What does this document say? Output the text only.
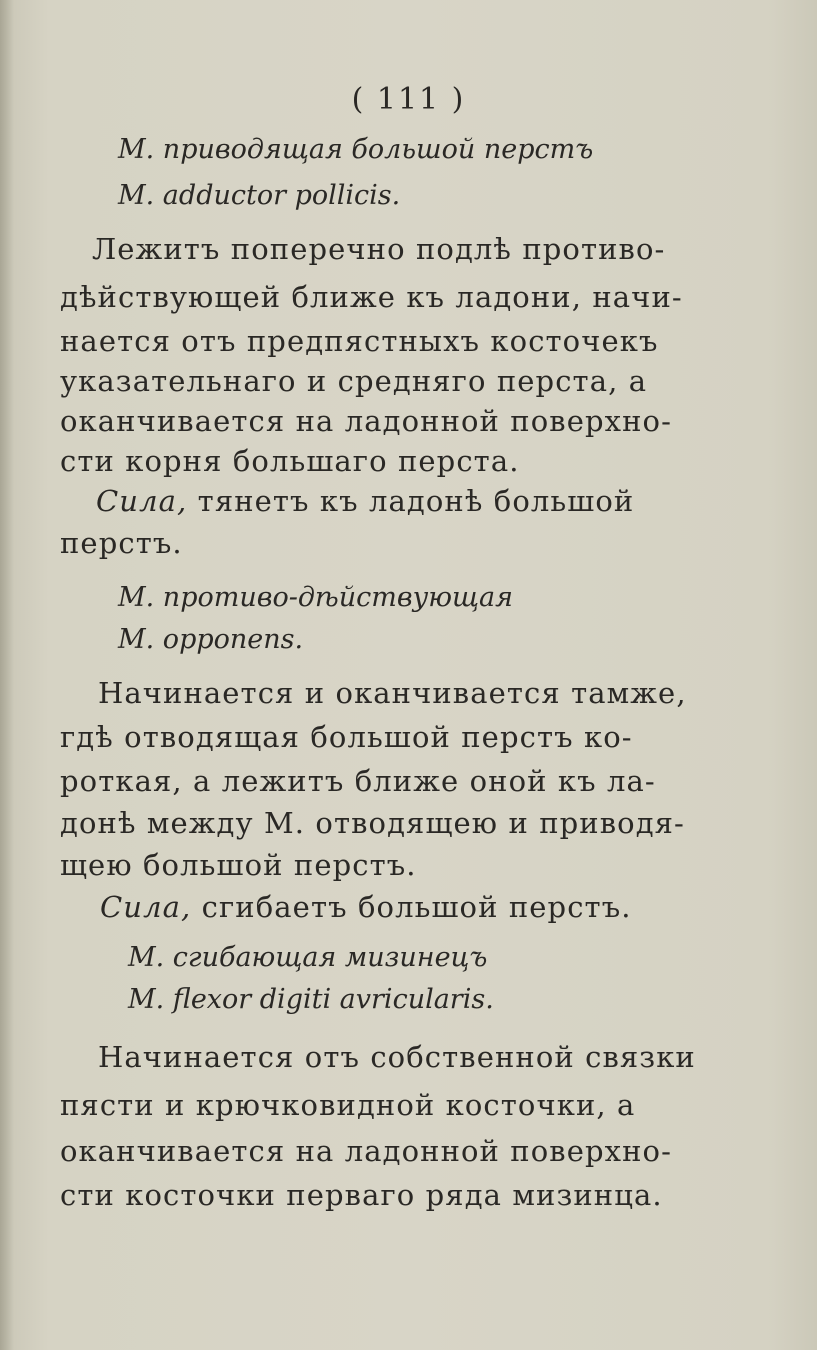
( 111 )
М. приводящая большой перстъ
M. adductor pollicis.
Лежитъ поперечно подлѣ противо-
дѣйствующей ближе къ ладони, начи-
нается отъ предпястныхъ косточекъ
указательнаго и средняго перста, а
оканчивается на ладонной поверхно-
сти корня большаго перста.
Сила, тянетъ къ ладонѣ большой
перстъ.
М. противо-дѣйствующая
M. opponens.
Начинается и оканчивается тамже,
гдѣ отводящая большой перстъ ко-
роткая, а лежитъ ближе оной къ ла-
донѣ между М. отводящею и приводя-
щею большой перстъ.
Сила, сгибаетъ большой перстъ.
М. сгибающая мизинецъ
M. flexor digiti avricularis.
Начинается отъ собственной связки
пясти и крючковидной косточки, а
оканчивается на ладонной поверхно-
сти косточки перваго ряда мизинца.
